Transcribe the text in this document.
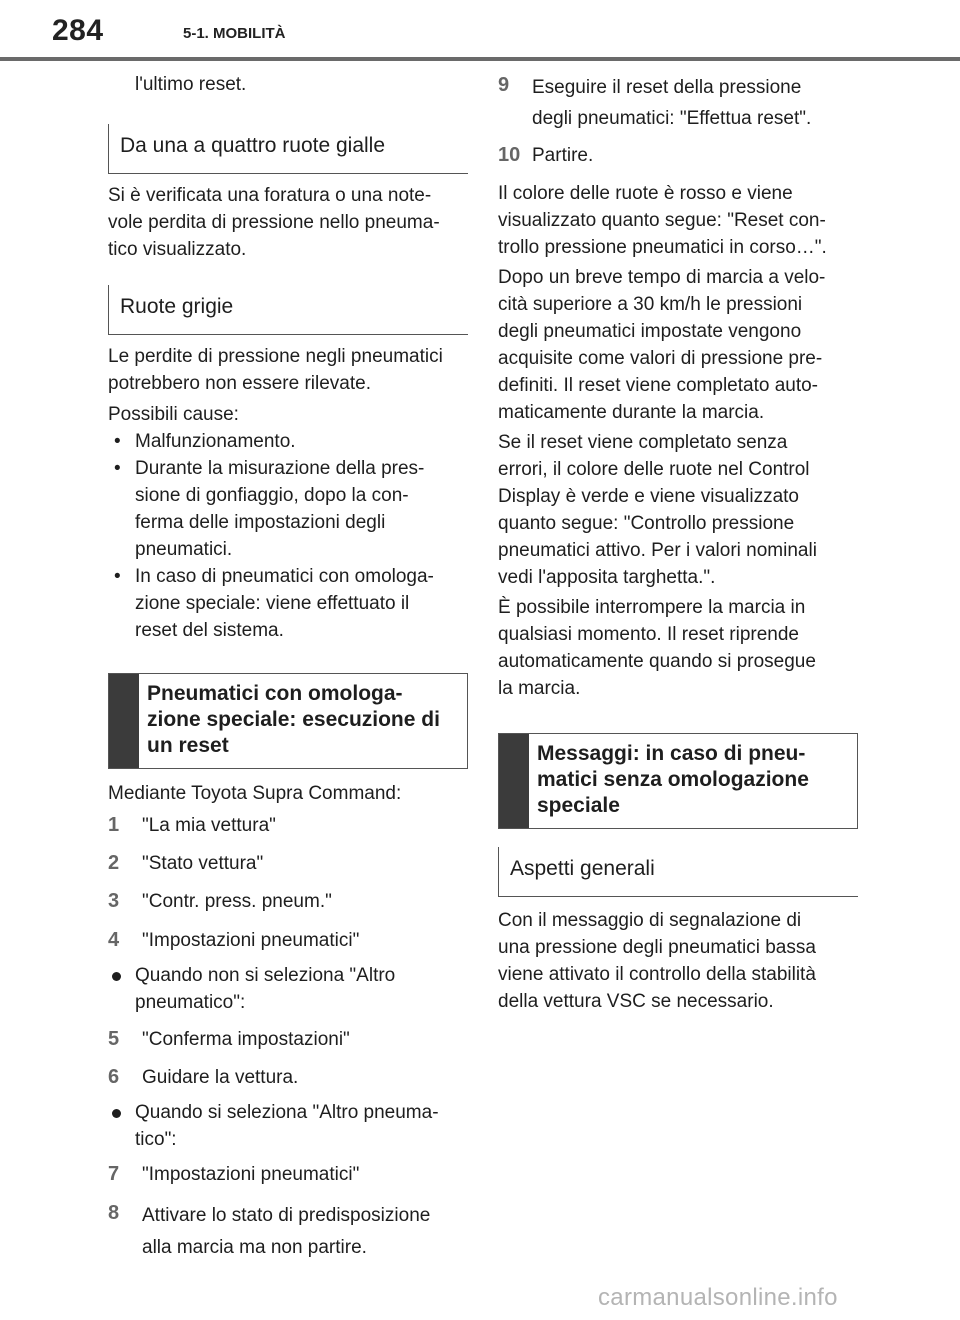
284	5-1. MOBILITÀ

l'ultimo reset.

Da una a quattro ruote gialle

Si è verificata una foratura o una note-
vole perdita di pressione nello pneuma-
tico visualizzato.

Ruote grigie

Le perdite di pressione negli pneumatici
potrebbero non essere rilevate.

Possibili cause:

• Malfunzionamento.
• Durante la misurazione della pres-
sione di gonfiaggio, dopo la con-
ferma delle impostazioni degli
pneumatici.
• In caso di pneumatici con omologa-
zione speciale: viene effettuato il
reset del sistema.
Pneumatici con omologa-
zione speciale: esecuzione di
un reset

Mediante Toyota Supra Command:

1 "La mia vettura"
2 "Stato vettura"
3 "Contr. press. pneum."
4 "Impostazioni pneumatici"
Quando non si seleziona "Altro
pneumatico":
5 "Conferma impostazioni"
6 Guidare la vettura.
Quando si seleziona "Altro pneuma-
tico":
7 "Impostazioni pneumatici"
8 Attivare lo stato di predisposizione
alla marcia ma non partire.
9 Eseguire il reset della pressione
degli pneumatici: "Effettua reset".
10 Partire.

Il colore delle ruote è rosso e viene
visualizzato quanto segue: "Reset con-
trollo pressione pneumatici in corso…".

Dopo un breve tempo di marcia a velo-
cità superiore a 30 km/h le pressioni
degli pneumatici impostate vengono
acquisite come valori di pressione pre-
definiti. Il reset viene completato auto-
maticamente durante la marcia.

Se il reset viene completato senza
errori, il colore delle ruote nel Control
Display è verde e viene visualizzato
quanto segue: "Controllo pressione
pneumatici attivo. Per i valori nominali
vedi l'apposita targhetta.".

È possibile interrompere la marcia in
qualsiasi momento. Il reset riprende
automaticamente quando si prosegue
la marcia.

Messaggi: in caso di pneu-
matici senza omologazione
speciale
Aspetti generali

Con il messaggio di segnalazione di
una pressione degli pneumatici bassa
viene attivato il controllo della stabilità
della vettura VSC se necessario.

carmanualsonline.info
